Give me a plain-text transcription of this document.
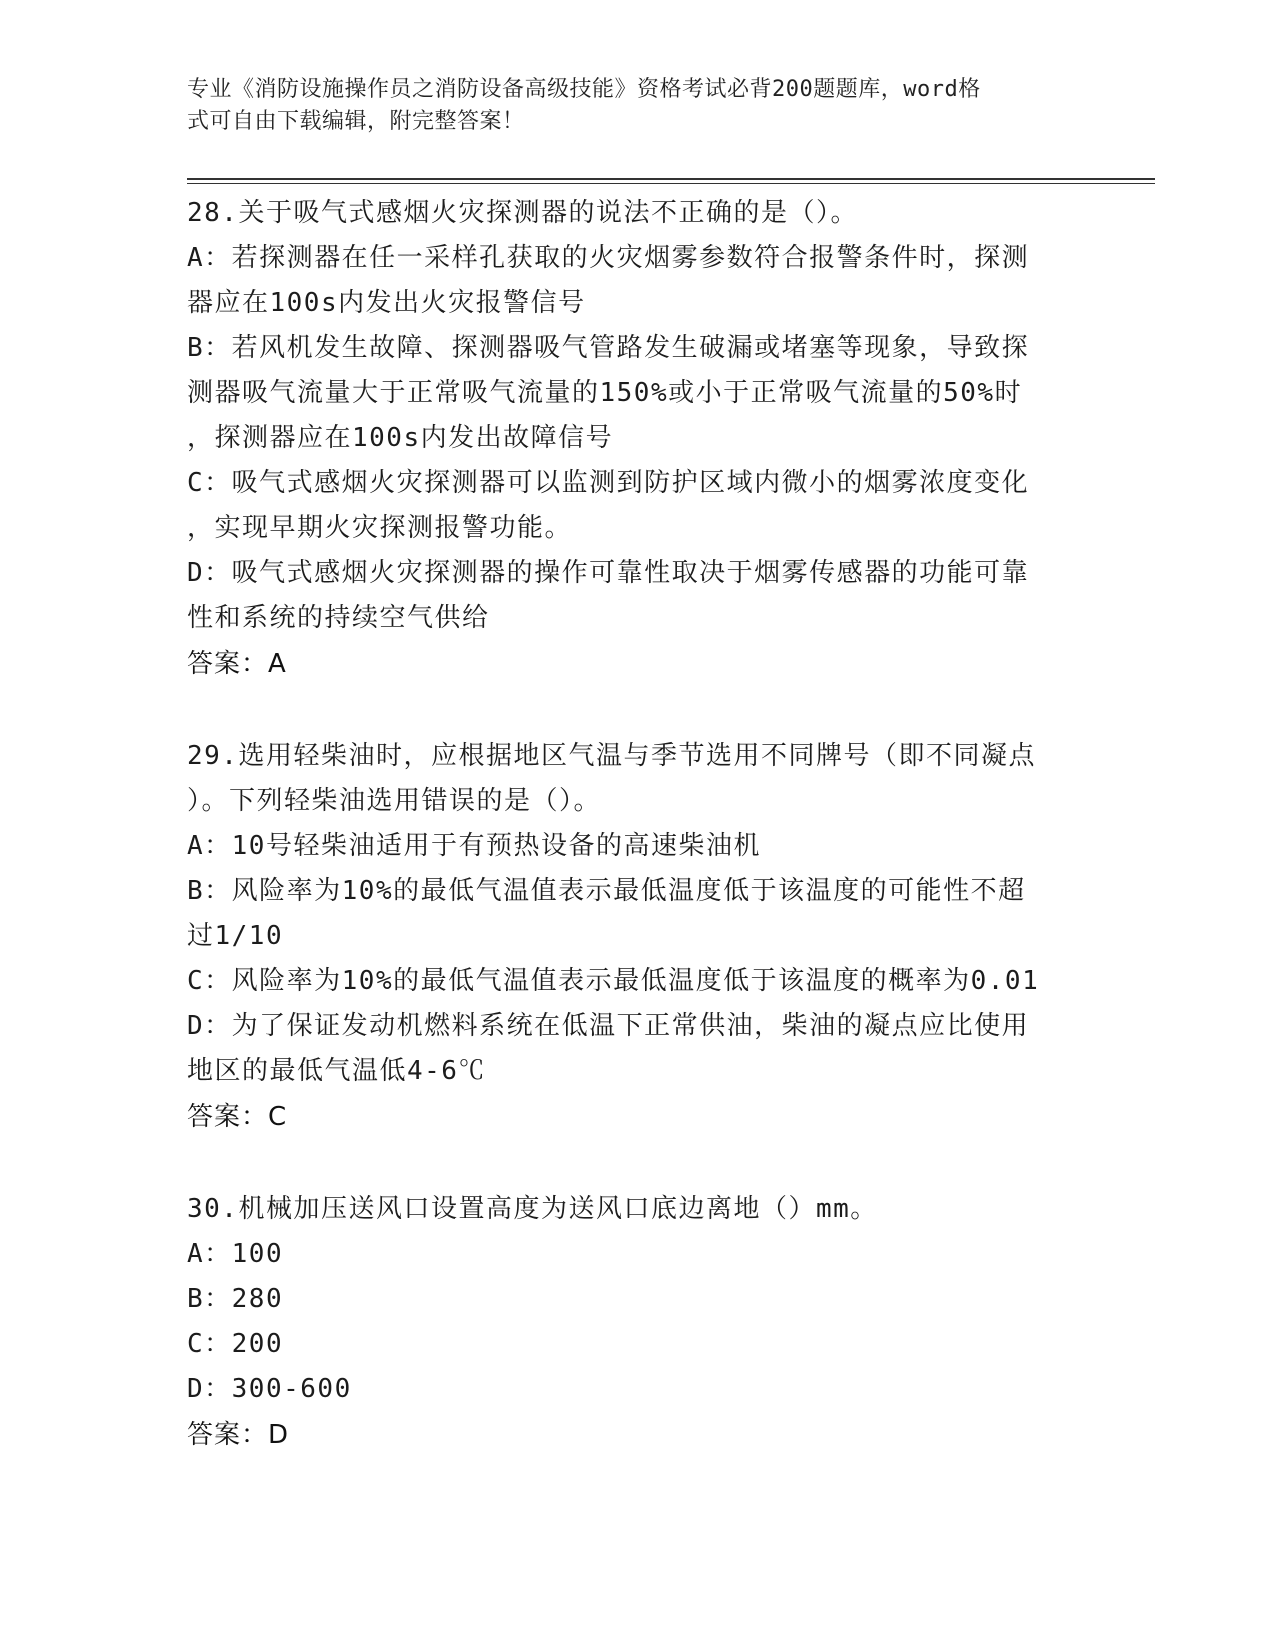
专业《消防设施操作员之消防设备高级技能》资格考试必背200题题库，word格
式可自由下载编辑，附完整答案！
28.关于吸气式感烟火灾探测器的说法不正确的是（）。
A：若探测器在任一采样孔获取的火灾烟雾参数符合报警条件时，探测
器应在100s内发出火灾报警信号
B：若风机发生故障、探测器吸气管路发生破漏或堵塞等现象，导致探
测器吸气流量大于正常吸气流量的150%或小于正常吸气流量的50%时
，探测器应在100s内发出故障信号
C：吸气式感烟火灾探测器可以监测到防护区域内微小的烟雾浓度变化
，实现早期火灾探测报警功能。
D：吸气式感烟火灾探测器的操作可靠性取决于烟雾传感器的功能可靠
性和系统的持续空气供给
答案：A
29.选用轻柴油时，应根据地区气温与季节选用不同牌号（即不同凝点
）。下列轻柴油选用错误的是（）。
A：10号轻柴油适用于有预热设备的高速柴油机
B：风险率为10%的最低气温值表示最低温度低于该温度的可能性不超
过1/10
C：风险率为10%的最低气温值表示最低温度低于该温度的概率为0.01
D：为了保证发动机燃料系统在低温下正常供油，柴油的凝点应比使用
地区的最低气温低4-6℃
答案：C
30.机械加压送风口设置高度为送风口底边离地（）mm。
A：100
B：280
C：200
D：300-600
答案：D
